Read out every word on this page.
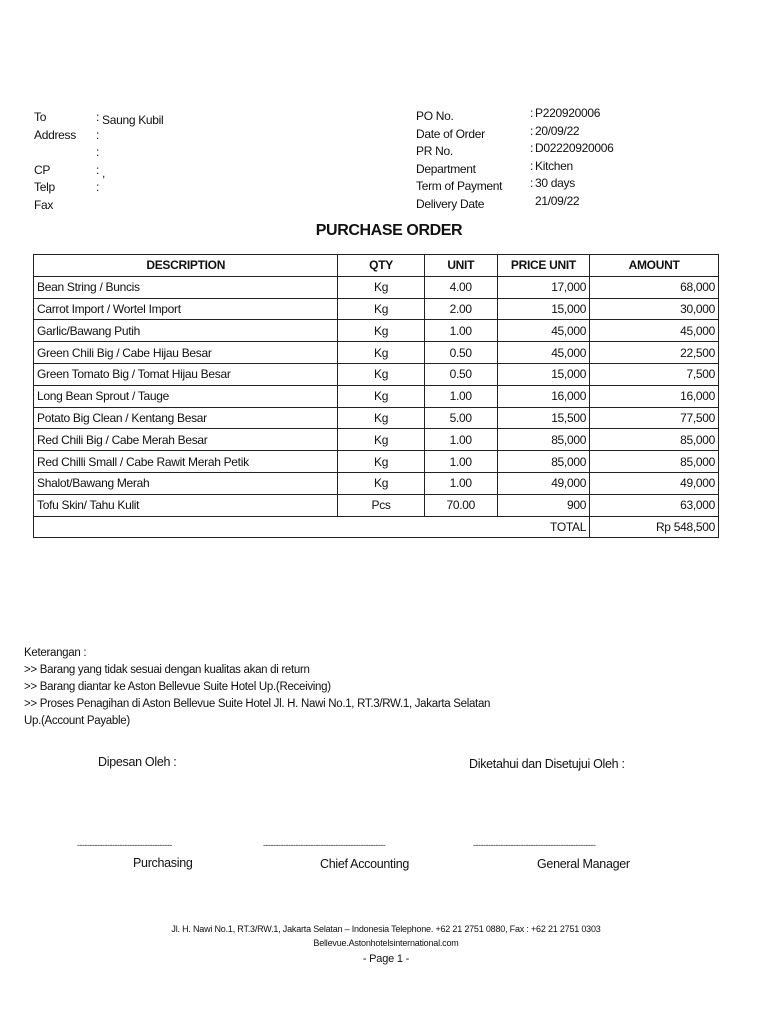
To	: Saung Kubil
Address :
:
CP	: ,
Telp	:
Fax
PO No.	: P220920006
Date of Order	: 20/09/22
PR No.	: D02220920006
Department	: Kitchen
Term of Payment : 30 days
Delivery Date	21/09/22
PURCHASE ORDER
DESCRIPTION	QTY	UNIT	PRICE UNIT	AMOUNT
Bean String / Buncis	Kg	4.00	17,000	68,000
Carrot Import / Wortel Import	Kg	2.00	15,000	30,000
Garlic/Bawang Putih	Kg	1.00	45,000	45,000
Green Chili Big / Cabe Hijau Besar	Kg	0.50	45,000	22,500
Green Tomato Big / Tomat Hijau Besar	Kg	0.50	15,000	7,500
Long Bean Sprout / Tauge	Kg	1.00	16,000	16,000
Potato Big Clean / Kentang Besar	Kg	5.00	15,500	77,500
Red Chili Big / Cabe Merah Besar	Kg	1.00	85,000	85,000
Red Chilli Small / Cabe Rawit Merah Petik	Kg	1.00	85,000	85,000
Shalot/Bawang Merah	Kg	1.00	49,000	49,000
Tofu Skin/ Tahu Kulit	Pcs	70.00	900	63,000
			TOTAL	Rp 548,500
Keterangan :
>> Barang yang tidak sesuai dengan kualitas akan di return
>> Barang diantar ke Aston Bellevue Suite Hotel Up.(Receiving)
>> Proses Penagihan di Aston Bellevue Suite Hotel Jl. H. Nawi No.1, RT.3/RW.1, Jakarta Selatan
Up.(Account Payable)
Dipesan Oleh :	Diketahui dan Disetujui Oleh :
--------------------------------------	-------------------------------------------------	-------------------------------------------------
Purchasing	Chief Accounting	General Manager
Jl. H. Nawi No.1, RT.3/RW.1, Jakarta Selatan – Indonesia Telephone. +62 21 2751 0880, Fax : +62 21 2751 0303
Bellevue.Astonhotelsinternational.com
- Page 1 -
